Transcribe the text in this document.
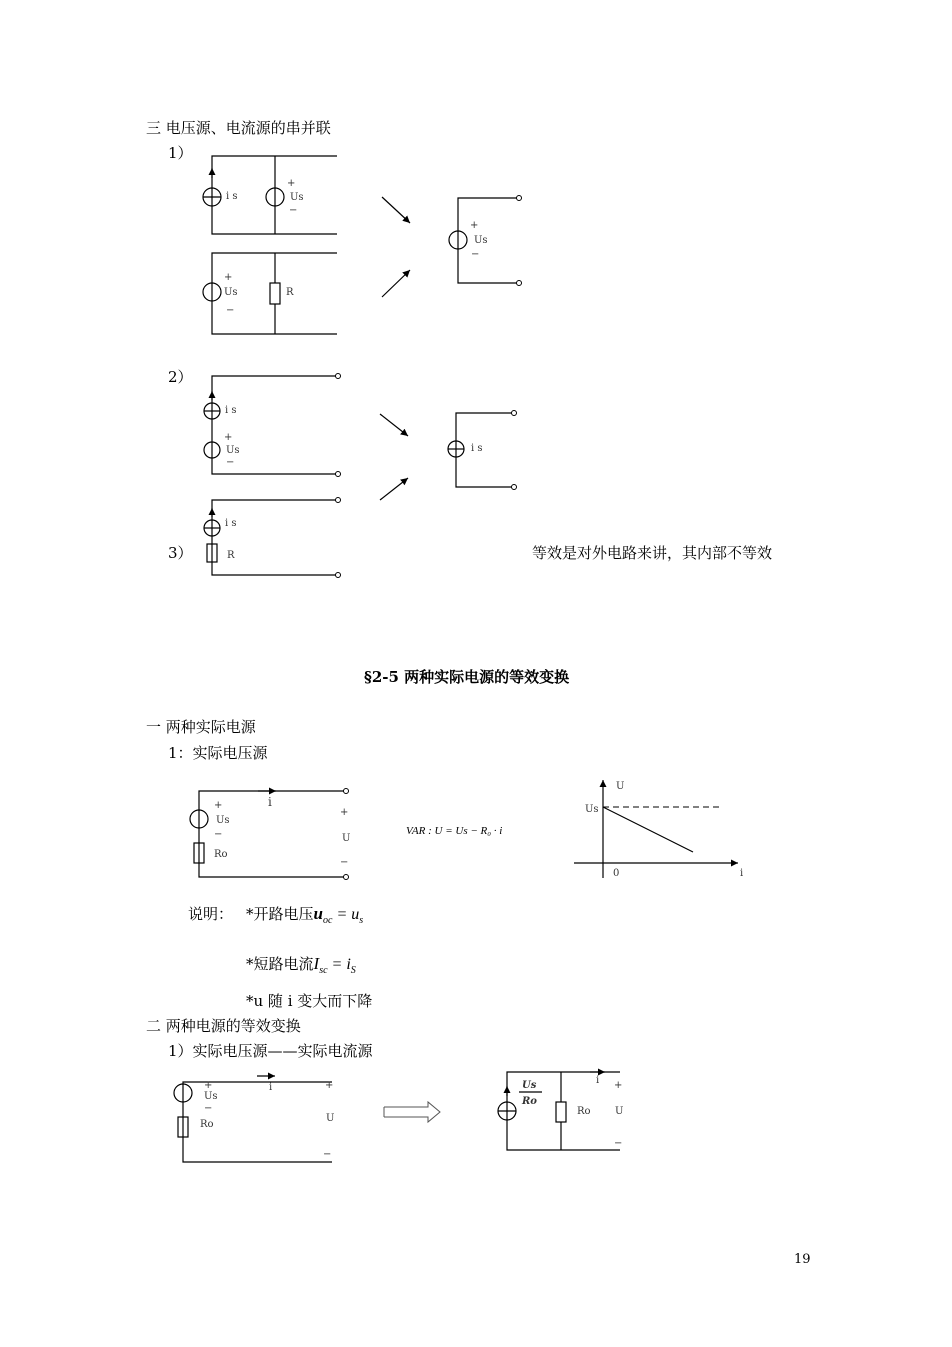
三 电压源、电流源的串并联
1）
2）
3）	等效是对外电路来讲，其内部不等效
§2-5 两种实际电源的等效变换
一 两种实际电源
1：实际电压源
VAR : U = Us − R₀ · i
说明： *开路电压$u_{oc} = u_s$
*短路电流$I_{sc} = i_S$
*u 随 i 变大而下降
二 两种电源的等效变换
1）实际电压源——实际电流源
19
i s
+
Us
−
R
+
Us
−
+
Us
−
i s
+
Us
−
i s
R
i s
i
+
Us
−
Ro
+
U
−
U
Us
0	i
i
+
Us
−
Ro
+
U
−
Ro
Us
Ro
i +
U
−
